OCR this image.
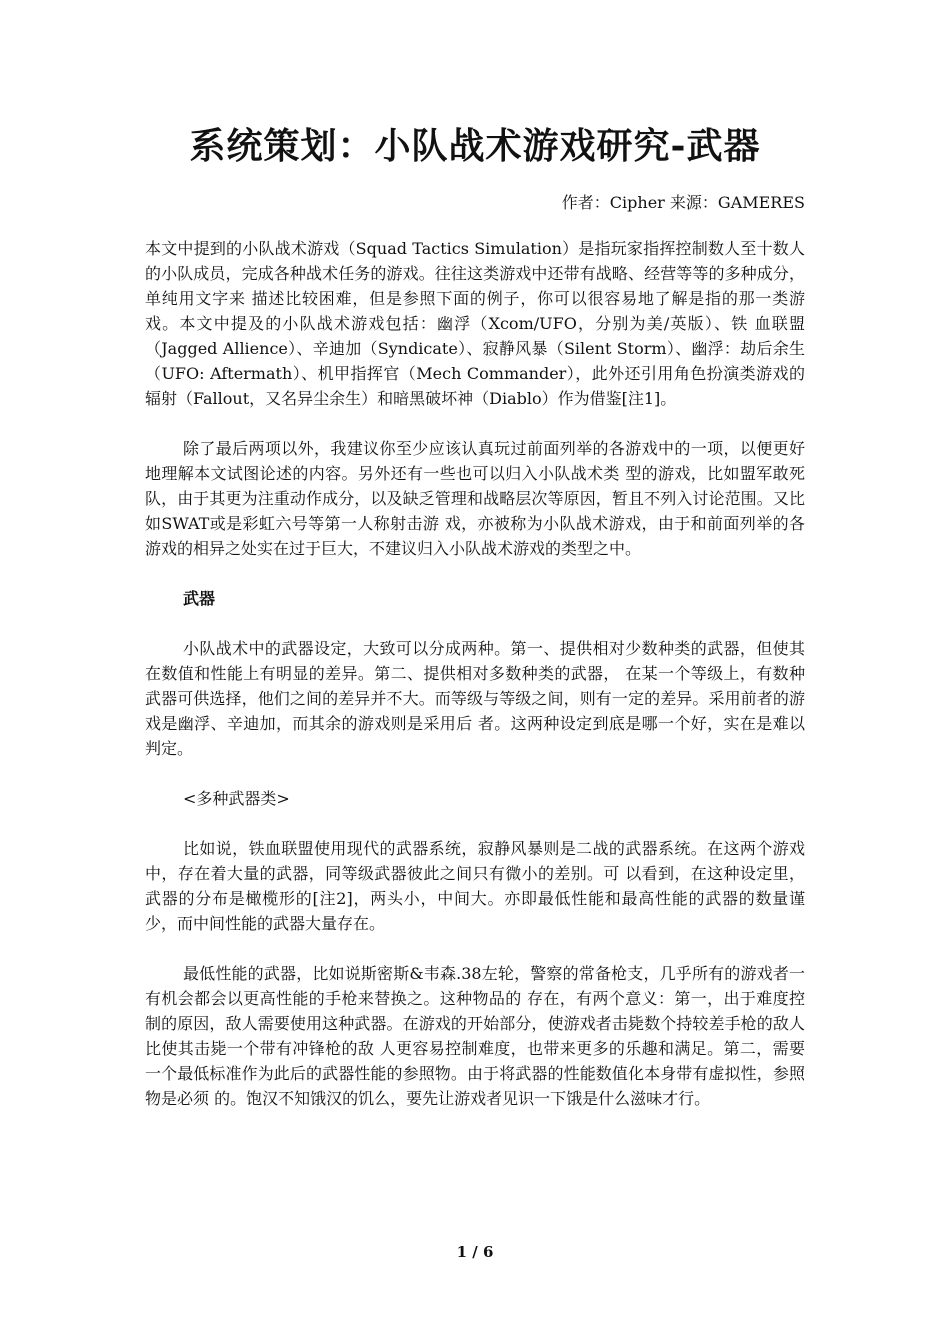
系统策划：小队战术游戏研究-武器

作者：Cipher 来源：GAMERES

本文中提到的小队战术游戏（Squad Tactics Simulation）是指玩家指挥控制数人至十数人的小队成员，完成各种战术任务的游戏。往往这类游戏中还带有战略、经营等等的多种成分，单纯用文字来 描述比较困难，但是参照下面的例子，你可以很容易地了解是指的那一类游戏。本文中提及的小队战术游戏包括：幽浮（Xcom/UFO，分别为美/英版）、铁 血联盟（Jagged Allience）、辛迪加（Syndicate）、寂静风暴（Silent Storm）、幽浮：劫后余生（UFO: Aftermath）、机甲指挥官（Mech Commander），此外还引用角色扮演类游戏的辐射（Fallout，又名异尘余生）和暗黑破坏神（Diablo）作为借鉴[注1]。

除了最后两项以外，我建议你至少应该认真玩过前面列举的各游戏中的一项，以便更好地理解本文试图论述的内容。另外还有一些也可以归入小队战术类 型的游戏，比如盟军敢死队，由于其更为注重动作成分，以及缺乏管理和战略层次等原因，暂且不列入讨论范围。又比如SWAT或是彩虹六号等第一人称射击游 戏，亦被称为小队战术游戏，由于和前面列举的各游戏的相异之处实在过于巨大，不建议归入小队战术游戏的类型之中。

武器

小队战术中的武器设定，大致可以分成两种。第一、提供相对少数种类的武器，但使其在数值和性能上有明显的差异。第二、提供相对多数种类的武器， 在某一个等级上，有数种武器可供选择，他们之间的差异并不大。而等级与等级之间，则有一定的差异。采用前者的游戏是幽浮、辛迪加，而其余的游戏则是采用后 者。这两种设定到底是哪一个好，实在是难以判定。

<多种武器类>

比如说，铁血联盟使用现代的武器系统，寂静风暴则是二战的武器系统。在这两个游戏中，存在着大量的武器，同等级武器彼此之间只有微小的差别。可 以看到，在这种设定里，武器的分布是橄榄形的[注2]，两头小，中间大。亦即最低性能和最高性能的武器的数量谨少，而中间性能的武器大量存在。

最低性能的武器，比如说斯密斯&韦森.38左轮，警察的常备枪支，几乎所有的游戏者一有机会都会以更高性能的手枪来替换之。这种物品的 存在，有两个意义：第一，出于难度控制的原因，敌人需要使用这种武器。在游戏的开始部分，使游戏者击毙数个持较差手枪的敌人比使其击毙一个带有冲锋枪的敌 人更容易控制难度，也带来更多的乐趣和满足。第二，需要一个最低标准作为此后的武器性能的参照物。由于将武器的性能数值化本身带有虚拟性，参照物是必须 的。饱汉不知饿汉的饥么，要先让游戏者见识一下饿是什么滋味才行。

1 / 6
